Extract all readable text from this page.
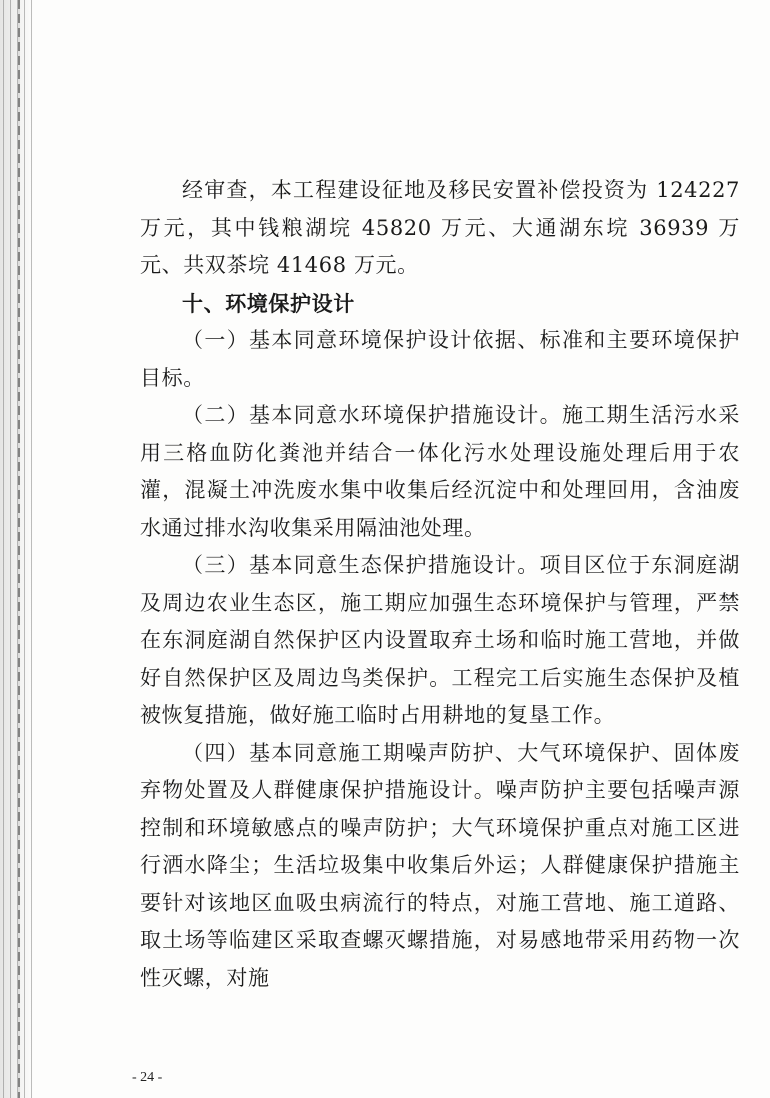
经审查，本工程建设征地及移民安置补偿投资为 124227 万元，其中钱粮湖垸 45820 万元、大通湖东垸 36939 万元、共双茶垸 41468 万元。

十、环境保护设计

（一）基本同意环境保护设计依据、标准和主要环境保护目标。

（二）基本同意水环境保护措施设计。施工期生活污水采用三格血防化粪池并结合一体化污水处理设施处理后用于农灌，混凝土冲洗废水集中收集后经沉淀中和处理回用，含油废水通过排水沟收集采用隔油池处理。

（三）基本同意生态保护措施设计。项目区位于东洞庭湖及周边农业生态区，施工期应加强生态环境保护与管理，严禁在东洞庭湖自然保护区内设置取弃土场和临时施工营地，并做好自然保护区及周边鸟类保护。工程完工后实施生态保护及植被恢复措施，做好施工临时占用耕地的复垦工作。

（四）基本同意施工期噪声防护、大气环境保护、固体废弃物处置及人群健康保护措施设计。噪声防护主要包括噪声源控制和环境敏感点的噪声防护；大气环境保护重点对施工区进行洒水降尘；生活垃圾集中收集后外运；人群健康保护措施主要针对该地区血吸虫病流行的特点，对施工营地、施工道路、取土场等临建区采取查螺灭螺措施，对易感地带采用药物一次性灭螺，对施

- 24 -
